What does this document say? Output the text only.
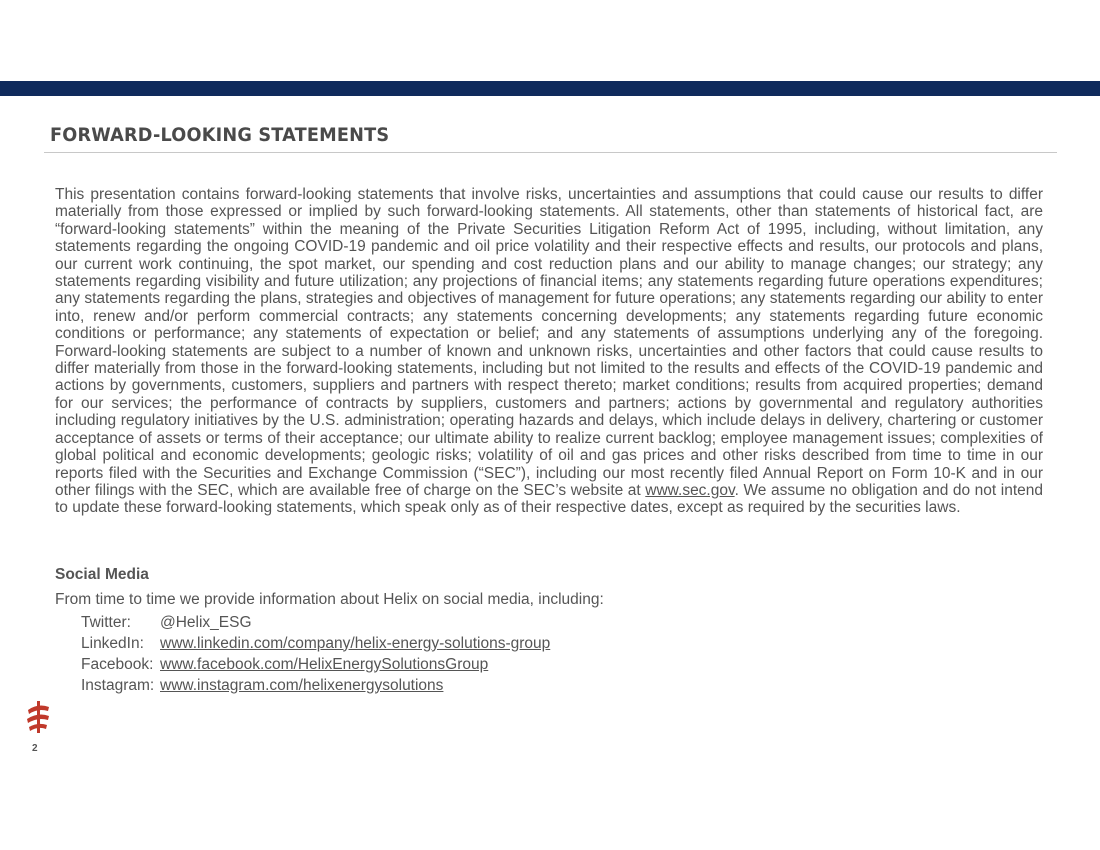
FORWARD-LOOKING STATEMENTS

This presentation contains forward-looking statements that involve risks, uncertainties and assumptions that could cause our results to differ materially from those expressed or implied by such forward-looking statements. All statements, other than statements of historical fact, are “forward-looking statements” within the meaning of the Private Securities Litigation Reform Act of 1995, including, without limitation, any statements regarding the ongoing COVID-19 pandemic and oil price volatility and their respective effects and results, our protocols and plans, our current work continuing, the spot market, our spending and cost reduction plans and our ability to manage changes; our strategy; any statements regarding visibility and future utilization; any projections of financial items; any statements regarding future operations expenditures; any statements regarding the plans, strategies and objectives of management for future operations; any statements regarding our ability to enter into, renew and/or perform commercial contracts; any statements concerning developments; any statements regarding future economic conditions or performance; any statements of expectation or belief; and any statements of assumptions underlying any of the foregoing. Forward-looking statements are subject to a number of known and unknown risks, uncertainties and other factors that could cause results to differ materially from those in the forward-looking statements, including but not limited to the results and effects of the COVID-19 pandemic and actions by governments, customers, suppliers and partners with respect thereto; market conditions; results from acquired properties; demand for our services; the performance of contracts by suppliers, customers and partners; actions by governmental and regulatory authorities including regulatory initiatives by the U.S. administration; operating hazards and delays, which include delays in delivery, chartering or customer acceptance of assets or terms of their acceptance; our ultimate ability to realize current backlog; employee management issues; complexities of global political and economic developments; geologic risks; volatility of oil and gas prices and other risks described from time to time in our reports filed with the Securities and Exchange Commission (“SEC”), including our most recently filed Annual Report on Form 10-K and in our other filings with the SEC, which are available free of charge on the SEC’s website at www.sec.gov. We assume no obligation and do not intend to update these forward-looking statements, which speak only as of their respective dates, except as required by the securities laws.

Social Media
From time to time we provide information about Helix on social media, including:
Twitter:	@Helix_ESG
LinkedIn:	www.linkedin.com/company/helix-energy-solutions-group
Facebook: www.facebook.com/HelixEnergySolutionsGroup
Instagram: www.instagram.com/helixenergysolutions
2
